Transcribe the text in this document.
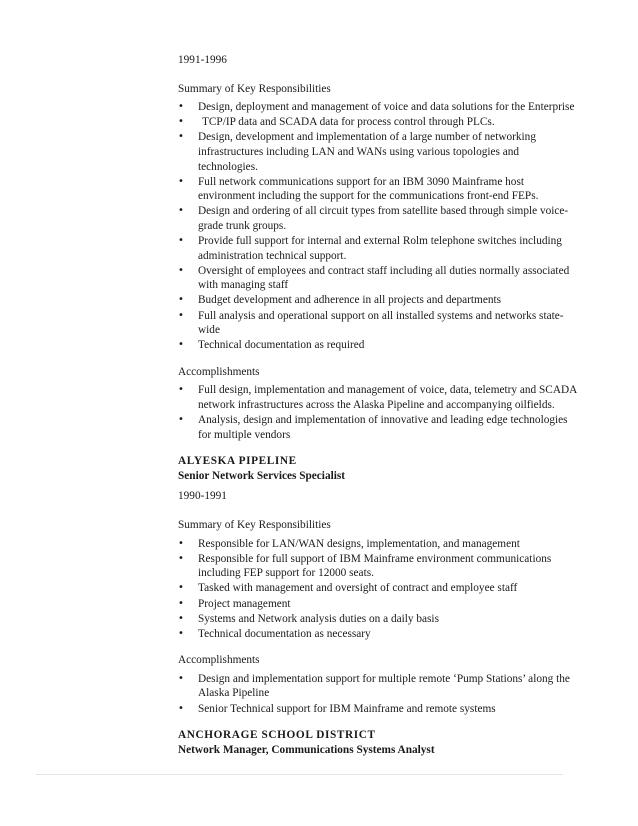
1991-1996

Summary of Key Responsibilities

• Design, deployment and management of voice and data solutions for the Enterprise
• TCP/IP data and SCADA data for process control through PLCs.
• Design, development and implementation of a large number of networking infrastructures including LAN and WANs using various topologies and technologies.
• Full network communications support for an IBM 3090 Mainframe host environment including the support for the communications front-end FEPs.
• Design and ordering of all circuit types from satellite based through simple voice-grade trunk groups.
• Provide full support for internal and external Rolm telephone switches including administration technical support.
• Oversight of employees and contract staff including all duties normally associated with managing staff
• Budget development and adherence in all projects and departments
• Full analysis and operational support on all installed systems and networks state-wide
• Technical documentation as required

Accomplishments

• Full design, implementation and management of voice, data, telemetry and SCADA network infrastructures across the Alaska Pipeline and accompanying oilfields.
• Analysis, design and implementation of innovative and leading edge technologies for multiple vendors

ALYESKA PIPELINE

Senior Network Services Specialist

1990-1991

Summary of Key Responsibilities

• Responsible for LAN/WAN designs, implementation, and management
• Responsible for full support of IBM Mainframe environment communications including FEP support for 12000 seats.
• Tasked with management and oversight of contract and employee staff
• Project management
• Systems and Network analysis duties on a daily basis
• Technical documentation as necessary

Accomplishments

• Design and implementation support for multiple remote ‘Pump Stations’ along the Alaska Pipeline
• Senior Technical support for IBM Mainframe and remote systems

ANCHORAGE SCHOOL DISTRICT

Network Manager, Communications Systems Analyst
